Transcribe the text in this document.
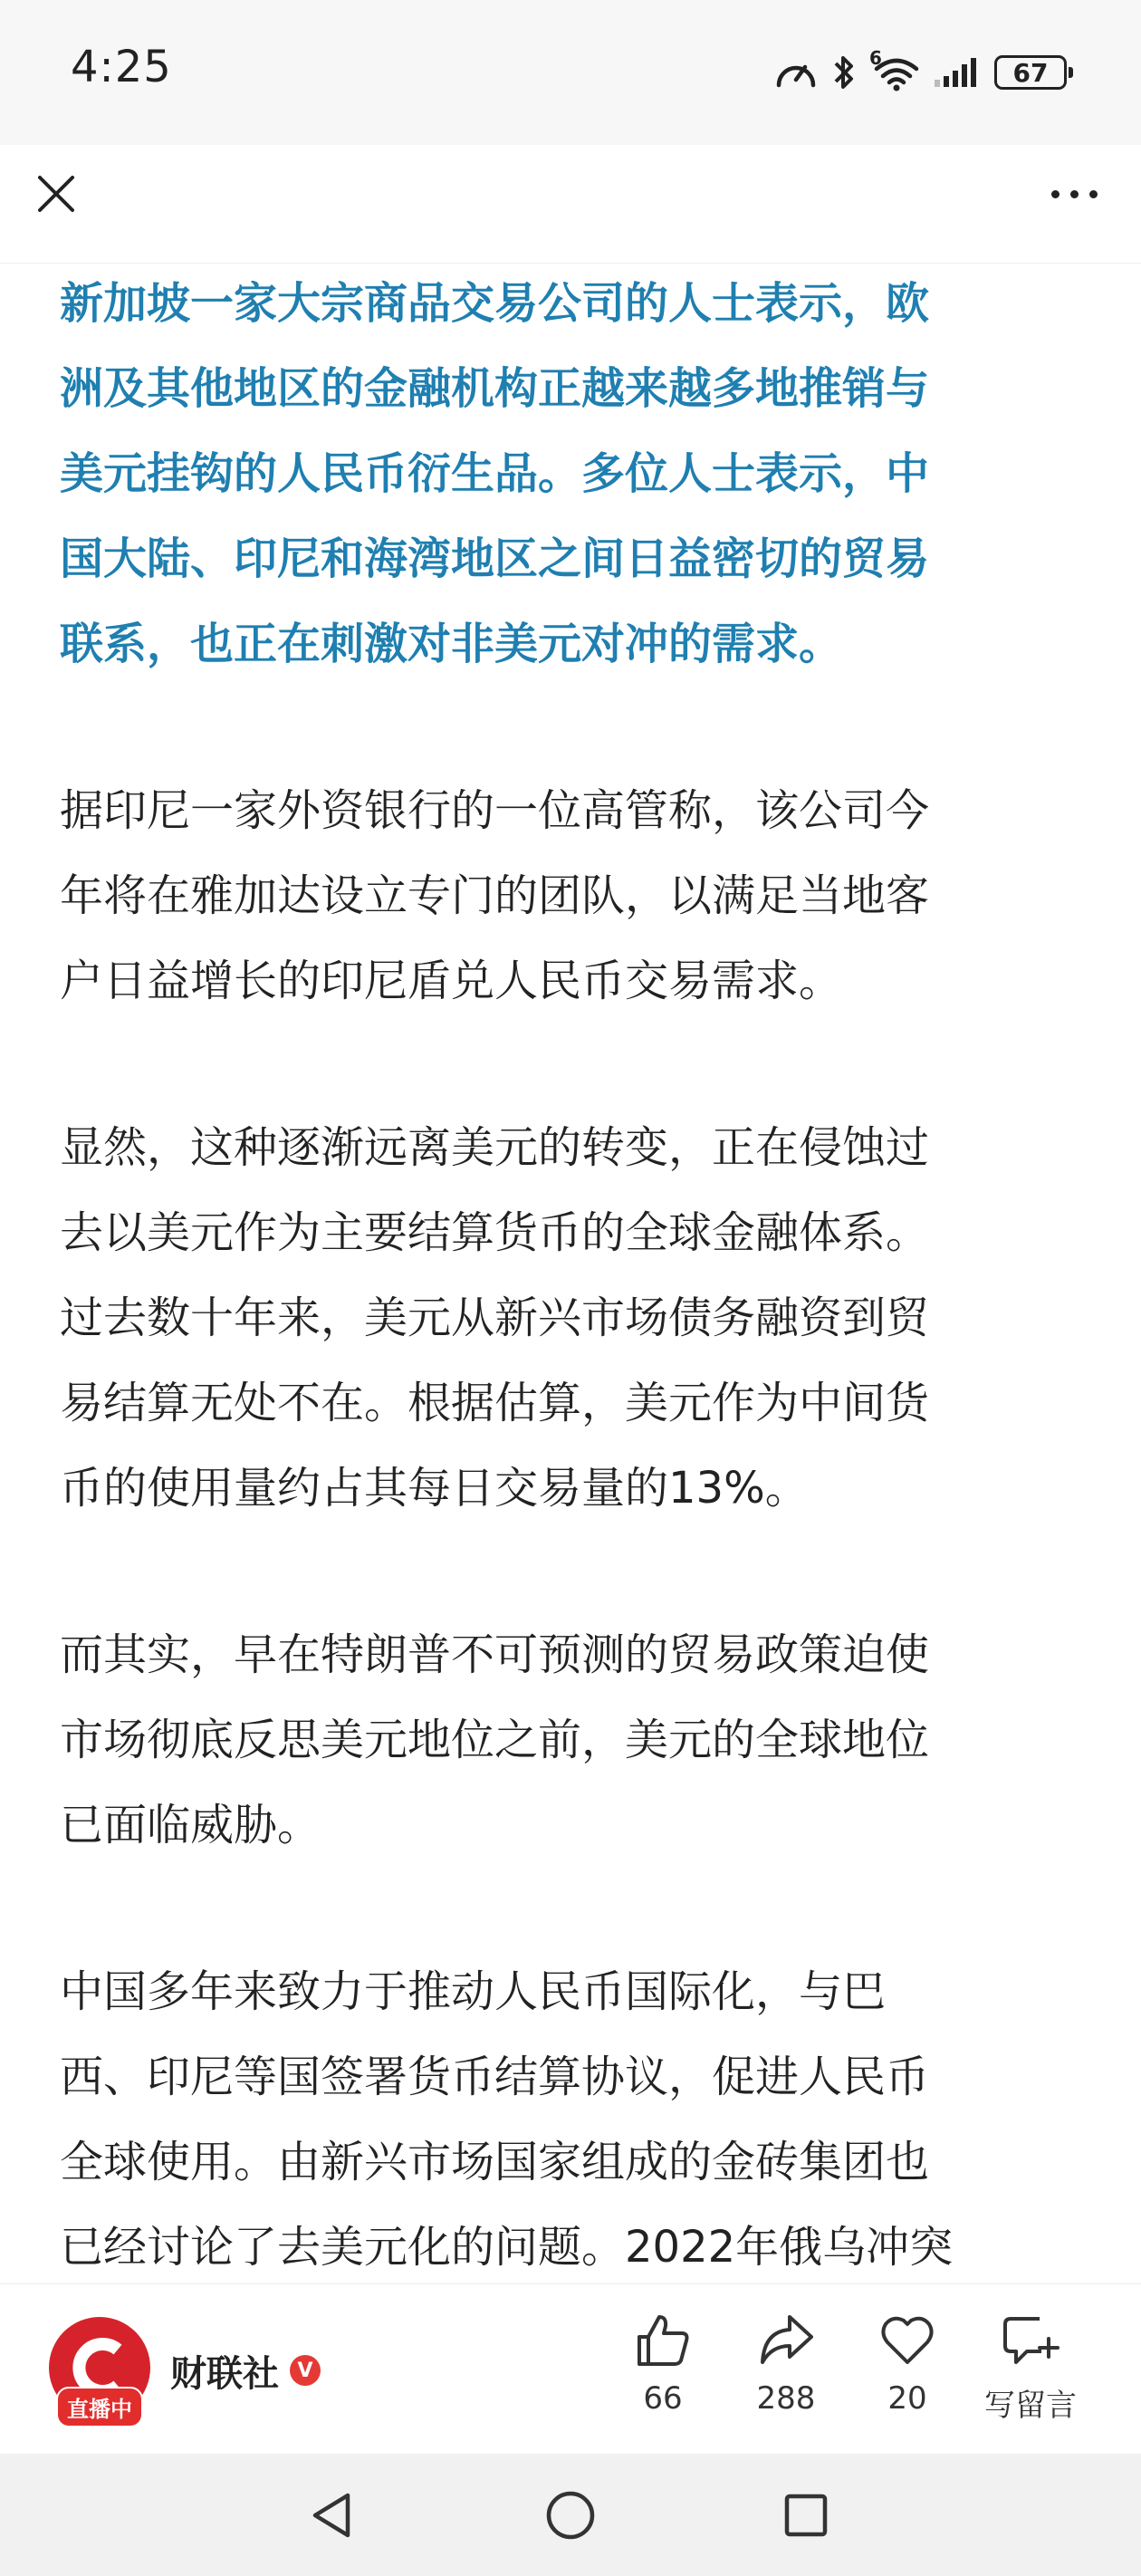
4:25	6	67

新加坡一家大宗商品交易公司的人士表示，欧
洲及其他地区的金融机构正越来越多地推销与
美元挂钩的人民币衍生品。多位人士表示，中
国大陆、印尼和海湾地区之间日益密切的贸易
联系，也正在刺激对非美元对冲的需求。

据印尼一家外资银行的一位高管称，该公司今
年将在雅加达设立专门的团队，以满足当地客
户日益增长的印尼盾兑人民币交易需求。

显然，这种逐渐远离美元的转变，正在侵蚀过
去以美元作为主要结算货币的全球金融体系。
过去数十年来，美元从新兴市场债务融资到贸
易结算无处不在。根据估算，美元作为中间货
币的使用量约占其每日交易量的13%。

而其实，早在特朗普不可预测的贸易政策迫使
市场彻底反思美元地位之前，美元的全球地位
已面临威胁。

中国多年来致力于推动人民币国际化，与巴
西、印尼等国签署货币结算协议，促进人民币
全球使用。由新兴市场国家组成的金砖集团也
已经讨论了去美元化的问题。2022年俄乌冲突

直播中
财联社 V
66 288 20 写留言
